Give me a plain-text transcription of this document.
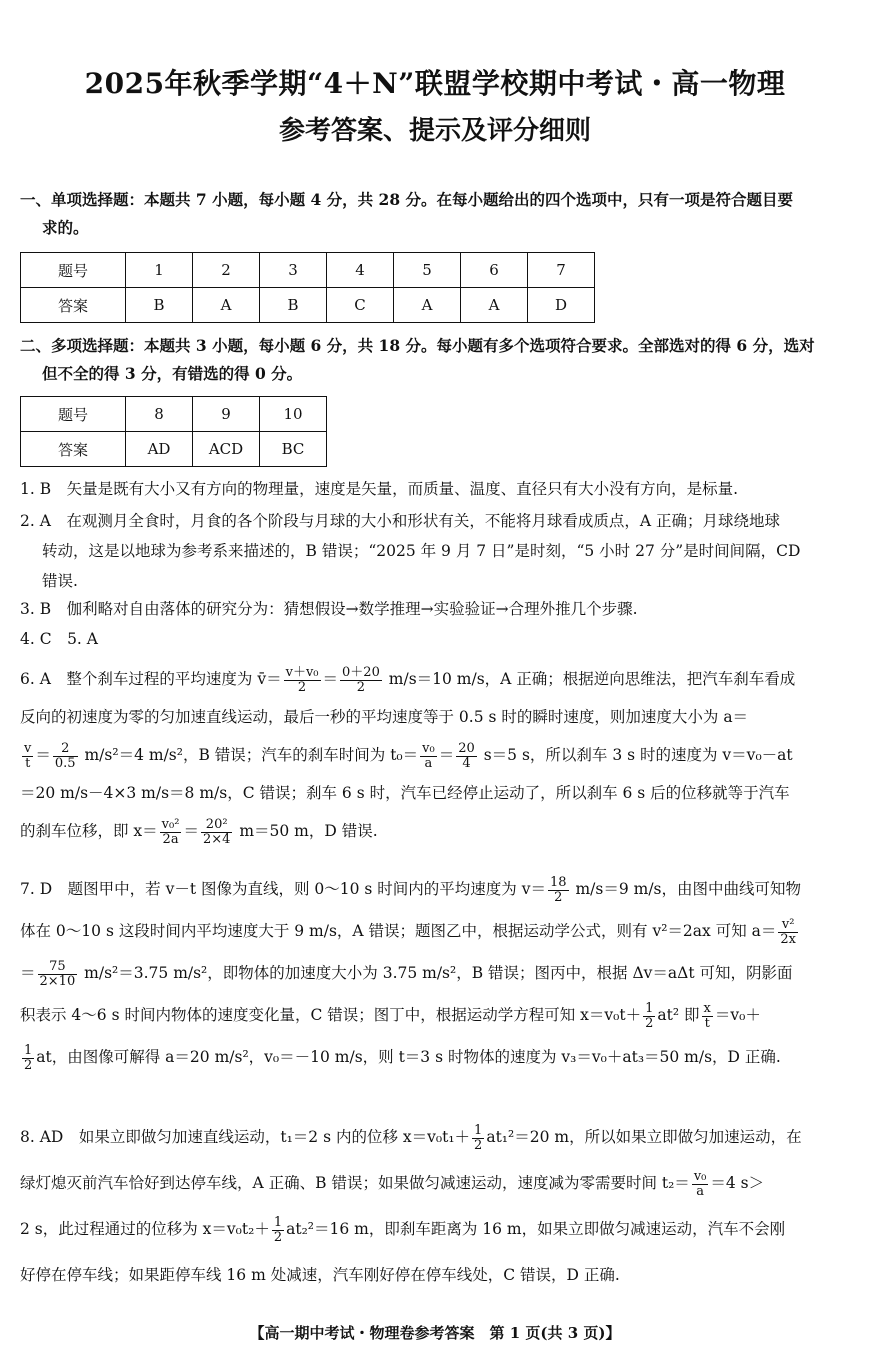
2025年秋季学期“4＋N”联盟学校期中考试・高一物理
参考答案、提示及评分细则
一、单项选择题：本题共 7 小题，每小题 4 分，共 28 分。在每小题给出的四个选项中，只有一项是符合题目要
求的。
题号	1	2	3	4	5	6	7
答案	B	A	B	C	A	A	D
二、多项选择题：本题共 3 小题，每小题 6 分，共 18 分。每小题有多个选项符合要求。全部选对的得 6 分，选对
但不全的得 3 分，有错选的得 0 分。
题号	8	9	10
答案	AD	ACD	BC
1. B　矢量是既有大小又有方向的物理量，速度是矢量，而质量、温度、直径只有大小没有方向，是标量.
2. A　在观测月全食时，月食的各个阶段与月球的大小和形状有关，不能将月球看成质点，A 正确；月球绕地球
转动，这是以地球为参考系来描述的，B 错误；“2025 年 9 月 7 日”是时刻，“5 小时 27 分”是时间间隔，CD
错误.
3. B　伽利略对自由落体的研究分为：猜想假设→数学推理→实验验证→合理外推几个步骤.
4. C　5. A
6. A　整个刹车过程的平均速度为 v̄＝ $\frac{\text{v＋v₀}}{2} = \frac{0+20}{2} m/s=10$ m/s，A 正确；根据逆向思维法，把汽车刹车看成
反向的初速度为零的匀加速直线运动，最后一秒的平均速度等于 0.5 s 时的瞬时速度，则加速度大小为 a＝
$\frac{v}{t} = \frac{2}{0.5} m/s^2=4$ m/s²，B 错误；汽车的刹车时间为 $t_0= \frac{\text{v₀}}{a} = \frac{20}{4} s=5$ s，所以刹车 3 s 时的速度为 v＝v₀－at
＝20 m/s－4×3 m/s＝8 m/s，C 错误；刹车 6 s 时，汽车已经停止运动了，所以刹车 6 s 后的位移就等于汽车
的刹车位移，即 $x= \frac{\text{v₀²}}{2a} = \frac{\text{20²}}{2\times 4} m=50$ m，D 错误.
7. D　题图甲中，若 v－t 图像为直线，则 0～10 s 时间内的平均速度为 $v= \frac{18}{2} m/s=9$ m/s，由图中曲线可知物
体在 0～10 s 这段时间内平均速度大于 9 m/s，A 错误；题图乙中，根据运动学公式，则有 v²＝2ax 可知 $a= \frac{\text{v²}}{2x}$
＝ $\frac{75}{2\times 10} m/s^2=3.75$ m/s²，即物体的加速度大小为 3.75 m/s²，B 错误；图丙中，根据 Δv＝aΔt 可知，阴影面
积表示 4～6 s 时间内物体的速度变化量，C 错误；图丁中，根据运动学方程可知 $x=v_0t+ \frac{1}{2} at^2$ 即 $\frac{x}{t} =v_0+$
$\frac{1}{2}$ at，由图像可解得 a＝20 m/s²，v₀＝－10 m/s，则 t＝3 s 时物体的速度为 v₃＝v₀＋at₃＝50 m/s，D 正确.
8. AD　如果立即做匀加速直线运动，t₁＝2 s 内的位移 $x=v_0t_1+ \frac{1}{2} at_1^2=20$ m，所以如果立即做匀加速运动，在
绿灯熄灭前汽车恰好到达停车线，A 正确、B 错误；如果做匀减速运动，速度减为零需要时间 $t_2= \frac{\text{v₀}}{a} =4$ s＞
2 s，此过程通过的位移为 $x=v_0t_2+ \frac{1}{2} at_2^2=16$ m，即刹车距离为 16 m，如果立即做匀减速运动，汽车不会刚
好停在停车线；如果距停车线 16 m 处减速，汽车刚好停在停车线处，C 错误，D 正确.
【高一期中考试・物理卷参考答案　第 1 页(共 3 页)】
